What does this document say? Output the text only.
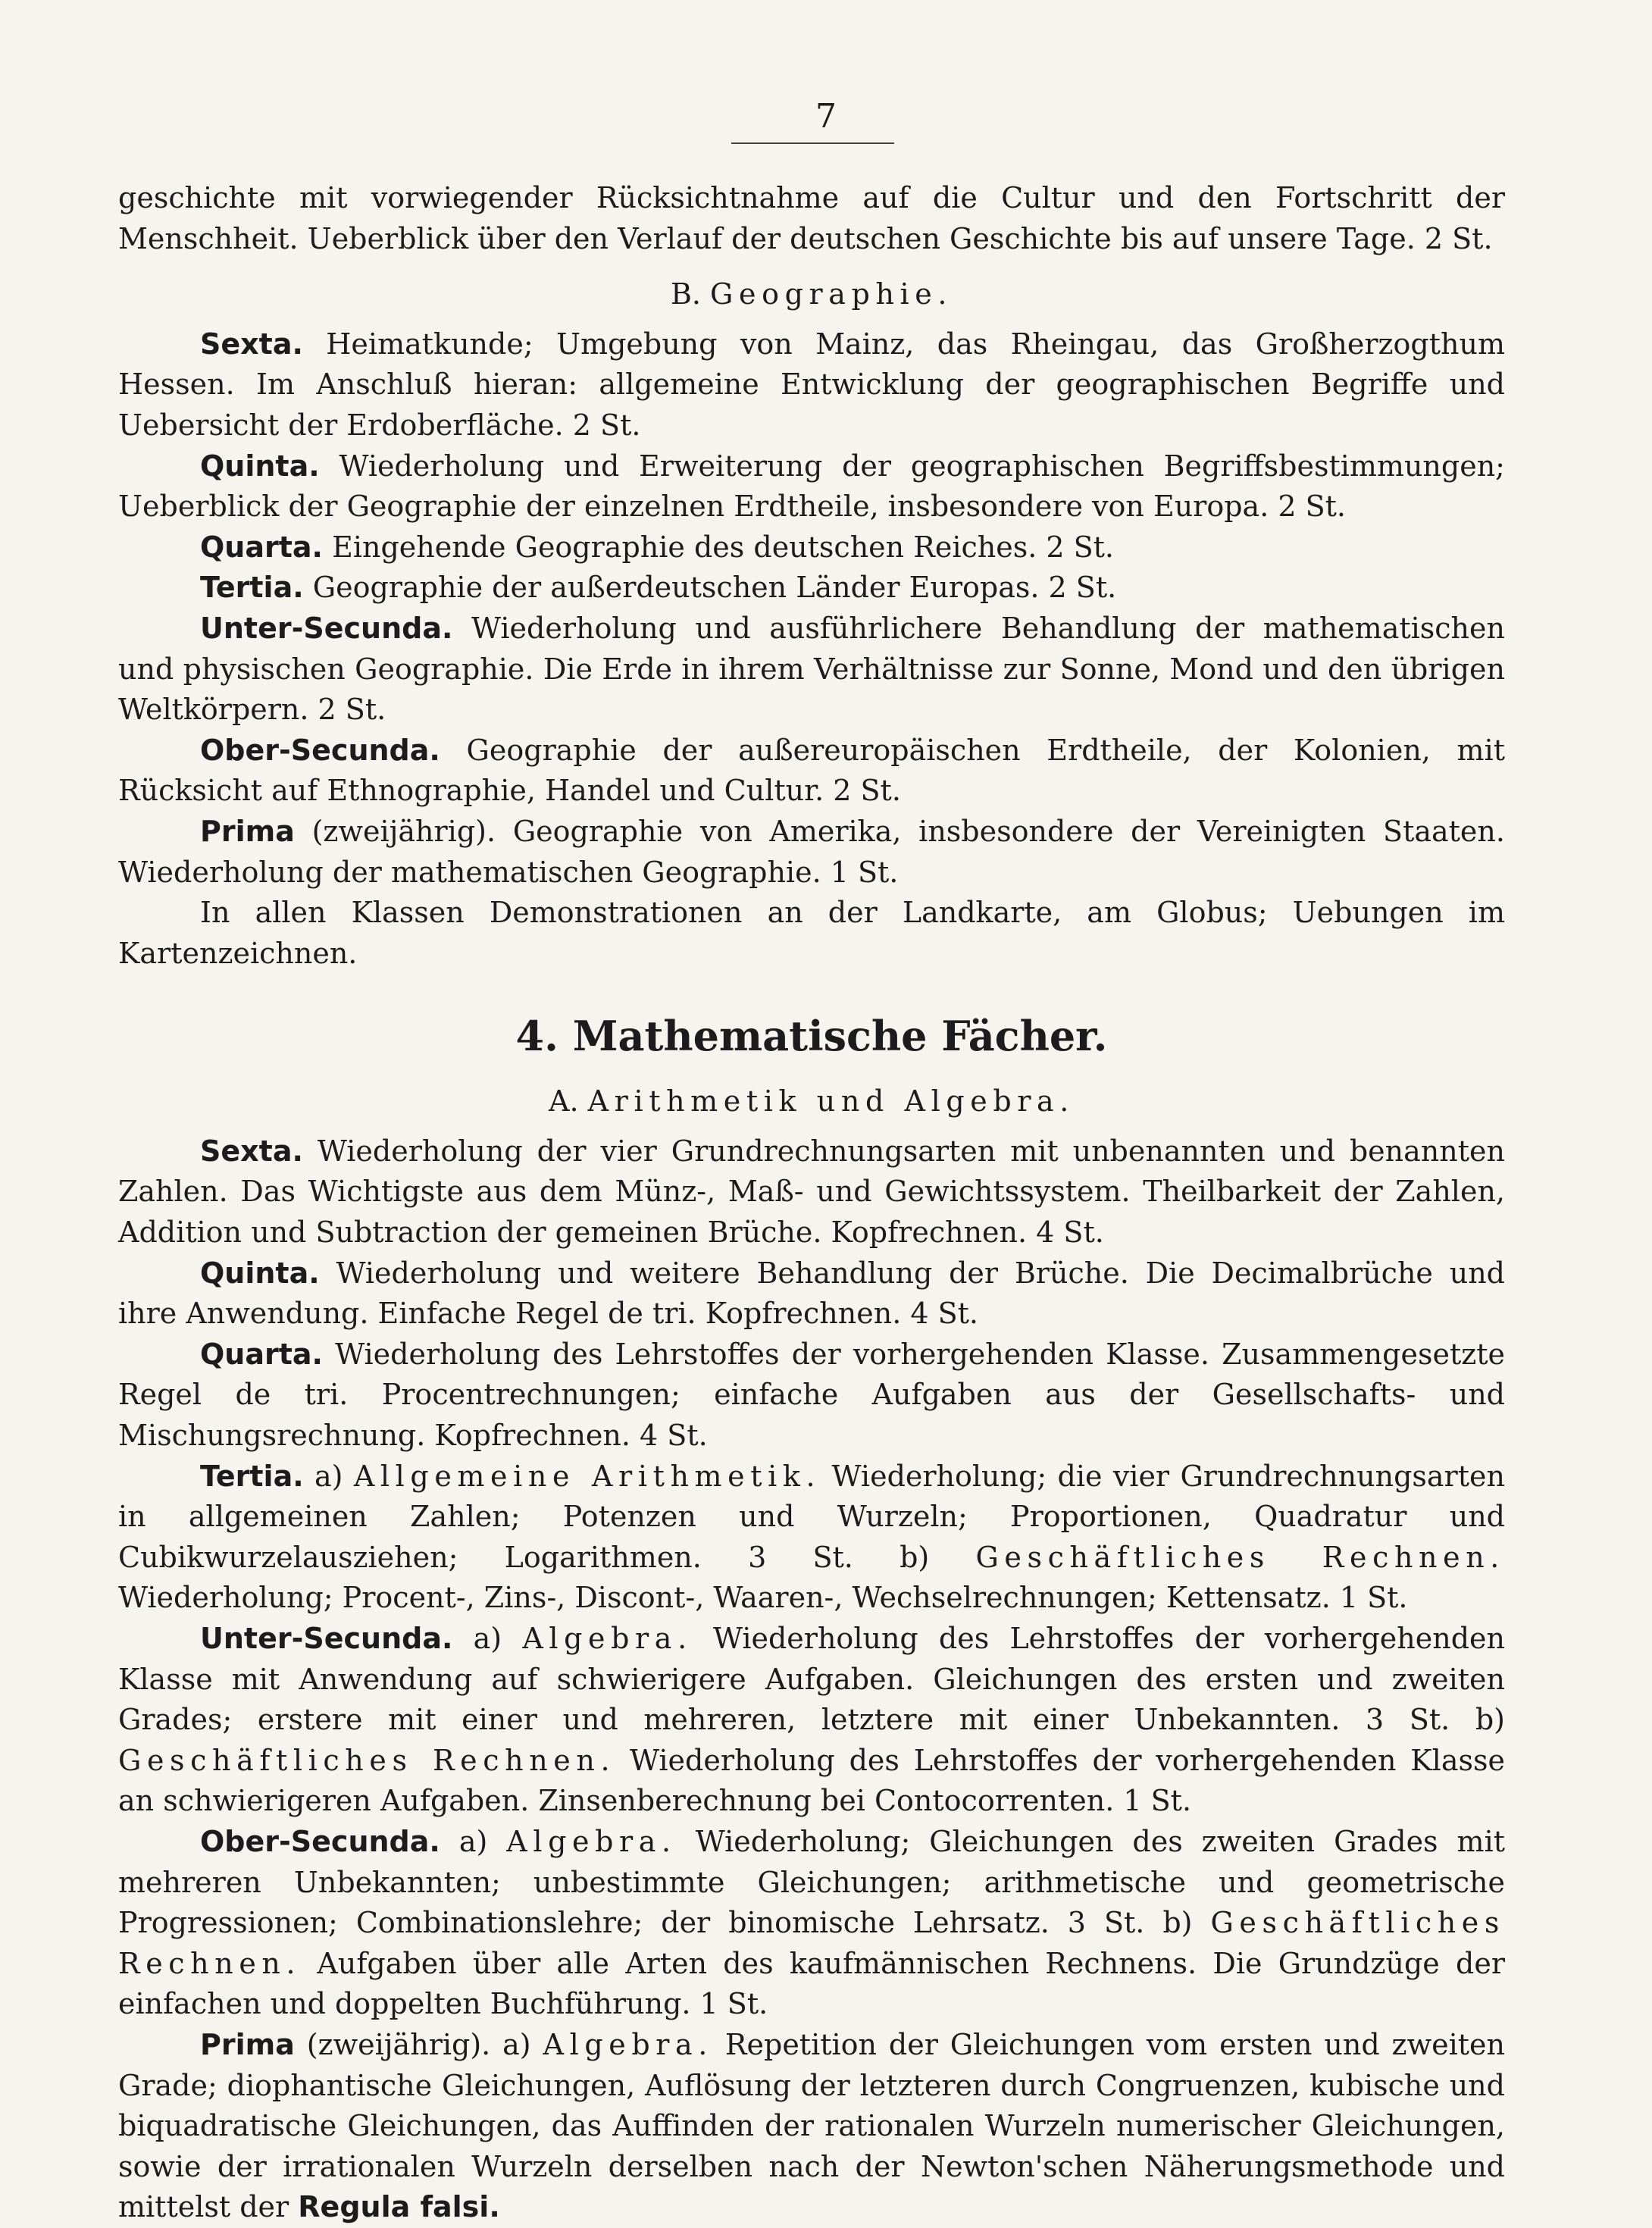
7

geschichte mit vorwiegender Rücksichtnahme auf die Cultur und den Fortschritt der Menschheit. Ueberblick über den Verlauf der deutschen Geschichte bis auf unsere Tage. 2 St.

B. Geographie.

Sexta. Heimatkunde; Umgebung von Mainz, das Rheingau, das Großherzogthum Hessen. Im Anschluß hieran: allgemeine Entwicklung der geographischen Begriffe und Uebersicht der Erdoberfläche. 2 St.

Quinta. Wiederholung und Erweiterung der geographischen Begriffsbestimmungen; Ueberblick der Geographie der einzelnen Erdtheile, insbesondere von Europa. 2 St.

Quarta. Eingehende Geographie des deutschen Reiches. 2 St.

Tertia. Geographie der außerdeutschen Länder Europas. 2 St.

Unter-Secunda. Wiederholung und ausführlichere Behandlung der mathematischen und physischen Geographie. Die Erde in ihrem Verhältnisse zur Sonne, Mond und den übrigen Weltkörpern. 2 St.

Ober-Secunda. Geographie der außereuropäischen Erdtheile, der Kolonien, mit Rücksicht auf Ethnographie, Handel und Cultur. 2 St.

Prima (zweijährig). Geographie von Amerika, insbesondere der Vereinigten Staaten. Wiederholung der mathematischen Geographie. 1 St.

In allen Klassen Demonstrationen an der Landkarte, am Globus; Uebungen im Kartenzeichnen.

4. Mathematische Fächer.

A. Arithmetik und Algebra.

Sexta. Wiederholung der vier Grundrechnungsarten mit unbenannten und benannten Zahlen. Das Wichtigste aus dem Münz-, Maß- und Gewichtssystem. Theilbarkeit der Zahlen, Addition und Subtraction der gemeinen Brüche. Kopfrechnen. 4 St.

Quinta. Wiederholung und weitere Behandlung der Brüche. Die Decimalbrüche und ihre Anwendung. Einfache Regel de tri. Kopfrechnen. 4 St.

Quarta. Wiederholung des Lehrstoffes der vorhergehenden Klasse. Zusammengesetzte Regel de tri. Procentrechnungen; einfache Aufgaben aus der Gesellschafts- und Mischungsrechnung. Kopfrechnen. 4 St.

Tertia. a) Allgemeine Arithmetik. Wiederholung; die vier Grundrechnungsarten in allgemeinen Zahlen; Potenzen und Wurzeln; Proportionen, Quadratur und Cubikwurzelausziehen; Logarithmen. 3 St. b) Geschäftliches Rechnen. Wiederholung; Procent-, Zins-, Discont-, Waaren-, Wechselrechnungen; Kettensatz. 1 St.

Unter-Secunda. a) Algebra. Wiederholung des Lehrstoffes der vorhergehenden Klasse mit Anwendung auf schwierigere Aufgaben. Gleichungen des ersten und zweiten Grades; erstere mit einer und mehreren, letztere mit einer Unbekannten. 3 St. b) Geschäftliches Rechnen. Wiederholung des Lehrstoffes der vorhergehenden Klasse an schwierigeren Aufgaben. Zinsenberechnung bei Contocorrenten. 1 St.

Ober-Secunda. a) Algebra. Wiederholung; Gleichungen des zweiten Grades mit mehreren Unbekannten; unbestimmte Gleichungen; arithmetische und geometrische Progressionen; Combinationslehre; der binomische Lehrsatz. 3 St. b) Geschäftliches Rechnen. Aufgaben über alle Arten des kaufmännischen Rechnens. Die Grundzüge der einfachen und doppelten Buchführung. 1 St.

Prima (zweijährig). a) Algebra. Repetition der Gleichungen vom ersten und zweiten Grade; diophantische Gleichungen, Auflösung der letzteren durch Congruenzen, kubische und biquadratische Gleichungen, das Auffinden der rationalen Wurzeln numerischer Gleichungen, sowie der irrationalen Wurzeln derselben nach der Newton'schen Näherungsmethode und mittelst der Regula falsi.
